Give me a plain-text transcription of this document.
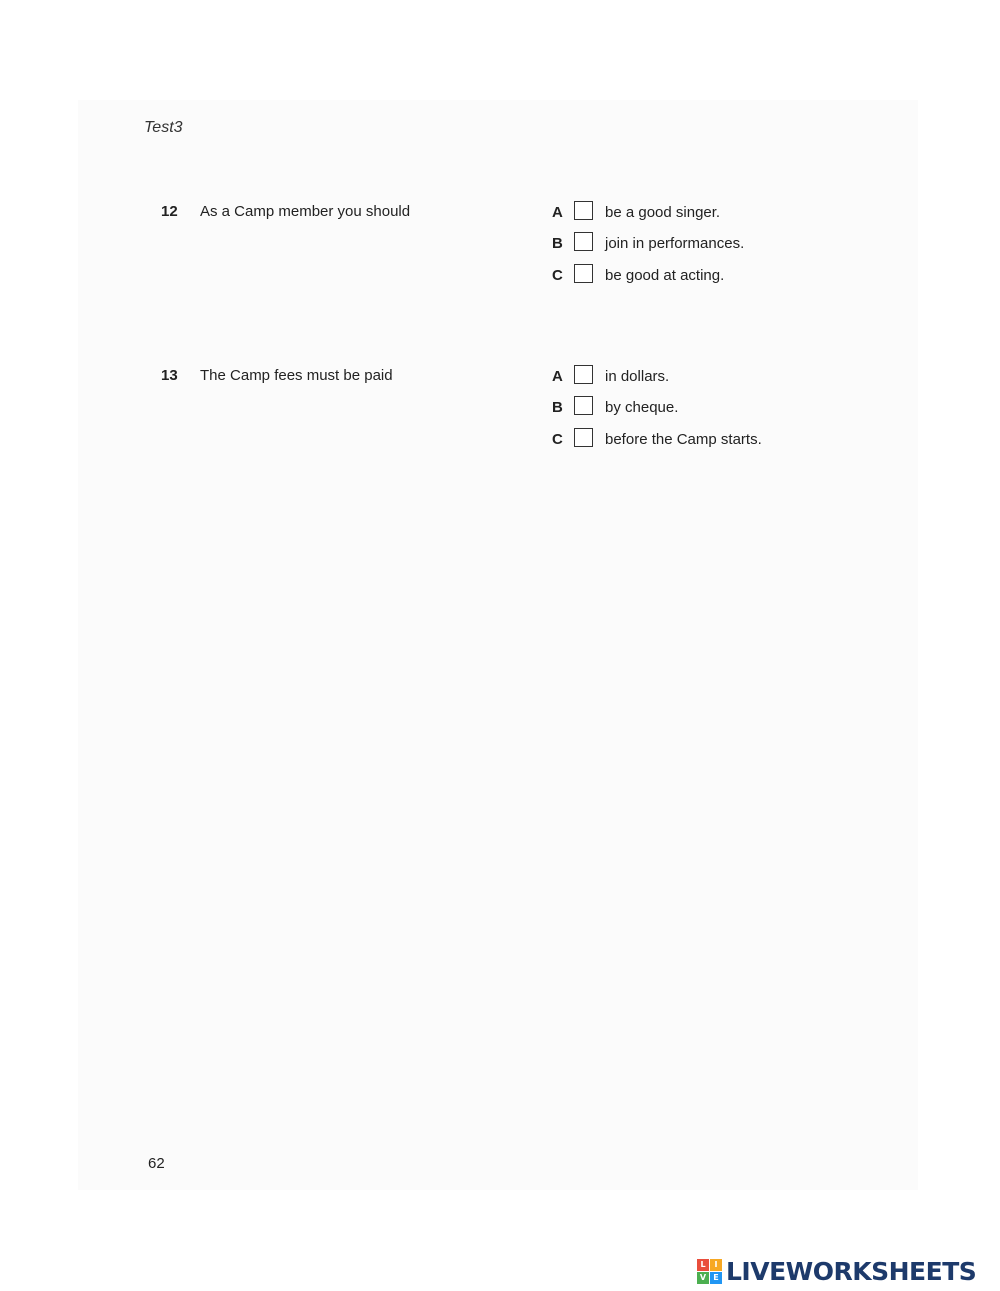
Test3
12 As a Camp member you should	A	be a good singer.
B	join in performances.
C	be good at acting.
13 The Camp fees must be paid	A	in dollars.
B	by cheque.
C	before the Camp starts.
62
L	I
V E LIVEWORKSHEETS
